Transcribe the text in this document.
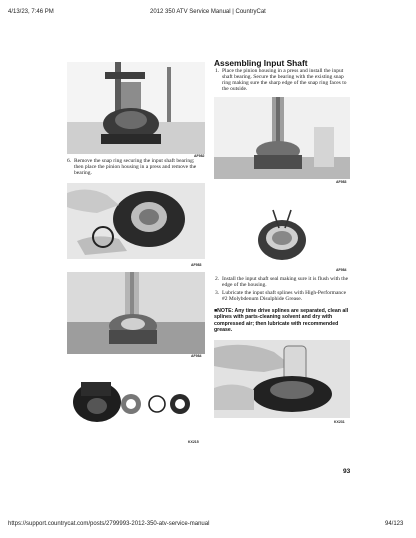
4/13/23, 7:46 PM	2012 350 ATV Service Manual | CountryCat
AF982
6. Remove the snap ring securing the input shaft bearing; then place the pinion housing in a press and remove the bearing.
AF983
AF984
KX215
Assembling Input Shaft
1. Place the pinion housing in a press and install the input shaft bearing. Secure the bearing with the existing snap ring making sure the sharp edge of the snap ring faces to the outside.
AF983
AF984
2. Install the input shaft seal making sure it is flush with the edge of the housing.
3. Lubricate the input shaft splines with High-Performance #2 Molybdenum Disulphide Grease.
■NOTE: Any time drive splines are separated, clean all splines with parts-cleaning solvent and dry with compressed air; then lubricate with recommended grease.
KX231
93
https://support.countrycat.com/posts/2799993-2012-350-atv-service-manual	94/123
